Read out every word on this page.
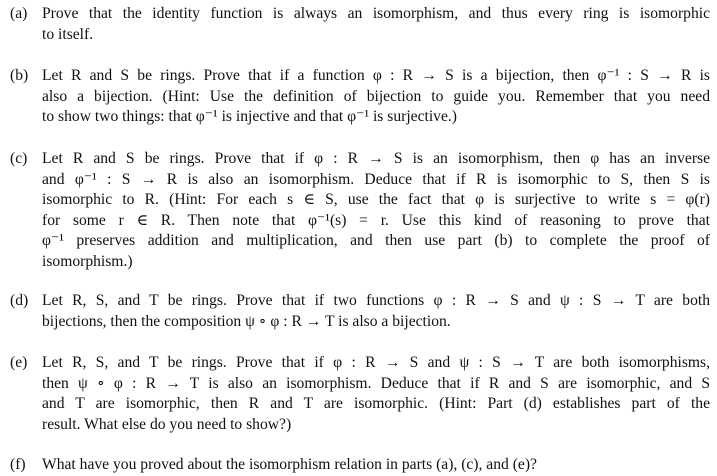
(a) Prove that the identity function is always an isomorphism, and thus every ring is isomorphic
to itself.
(b) Let R and S be rings. Prove that if a function φ : R → S is a bijection, then φ⁻¹ : S → R is
also a bijection. (Hint: Use the definition of bijection to guide you. Remember that you need
to show two things: that φ⁻¹ is injective and that φ⁻¹ is surjective.)
(c) Let R and S be rings. Prove that if φ : R → S is an isomorphism, then φ has an inverse
and φ⁻¹ : S → R is also an isomorphism. Deduce that if R is isomorphic to S, then S is
isomorphic to R. (Hint: For each s ∈ S, use the fact that φ is surjective to write s = φ(r)
for some r ∈ R. Then note that φ⁻¹(s) = r. Use this kind of reasoning to prove that
φ⁻¹ preserves addition and multiplication, and then use part (b) to complete the proof of
isomorphism.)
(d) Let R, S, and T be rings. Prove that if two functions φ : R → S and ψ : S → T are both
bijections, then the composition ψ ∘ φ : R → T is also a bijection.
(e) Let R, S, and T be rings. Prove that if φ : R → S and ψ : S → T are both isomorphisms,
then ψ ∘ φ : R → T is also an isomorphism. Deduce that if R and S are isomorphic, and S
and T are isomorphic, then R and T are isomorphic. (Hint: Part (d) establishes part of the
result. What else do you need to show?)
(f)	What have you proved about the isomorphism relation in parts (a), (c), and (e)?
